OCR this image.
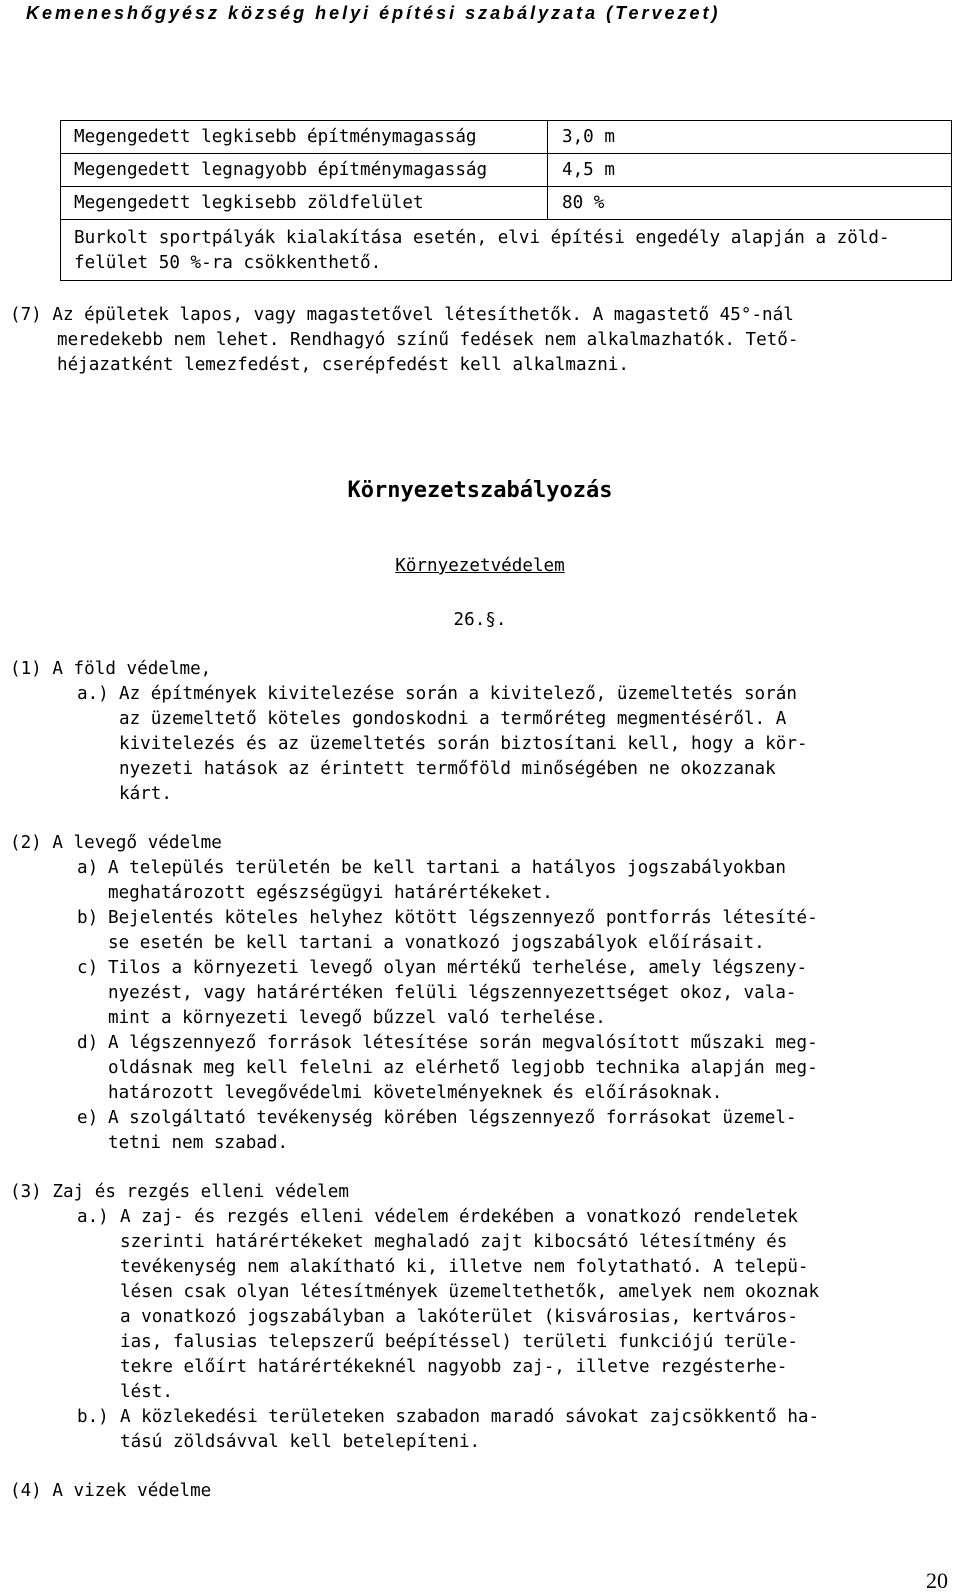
Kemeneshőgyész község helyi építési szabályzata (Tervezet)
Megengedett legkisebb építménymagasság	3,0 m
Megengedett legnagyobb építménymagasság	4,5 m
Megengedett legkisebb zöldfelület	80 %
Burkolt sportpályák kialakítása esetén, elvi építési engedély alapján a zöld-
felület 50 %-ra csökkenthető.
(7) Az épületek lapos, vagy magastetővel létesíthetők. A magastető 45°-nál
meredekebb nem lehet. Rendhagyó színű fedések nem alkalmazhatók. Tető-
héjazatként lemezfedést, cserépfedést kell alkalmazni.
Környezetszabályozás
Környezetvédelem
26.§.
(1) A föld védelme,
a.) Az építmények kivitelezése során a kivitelező, üzemeltetés során
az üzemeltető köteles gondoskodni a termőréteg megmentéséről. A
kivitelezés és az üzemeltetés során biztosítani kell, hogy a kör-
nyezeti hatások az érintett termőföld minőségében ne okozzanak
kárt.
(2) A levegő védelme
a) A település területén be kell tartani a hatályos jogszabályokban
meghatározott egészségügyi határértékeket.
b) Bejelentés köteles helyhez kötött légszennyező pontforrás létesíté-
se esetén be kell tartani a vonatkozó jogszabályok előírásait.
c) Tilos a környezeti levegő olyan mértékű terhelése, amely légszeny-
nyezést, vagy határértéken felüli légszennyezettséget okoz, vala-
mint a környezeti levegő bűzzel való terhelése.
d) A légszennyező források létesítése során megvalósított műszaki meg-
oldásnak meg kell felelni az elérhető legjobb technika alapján meg-
határozott levegővédelmi követelményeknek és előírásoknak.
e) A szolgáltató tevékenység körében légszennyező forrásokat üzemel-
tetni nem szabad.
(3) Zaj és rezgés elleni védelem
a.) A zaj- és rezgés elleni védelem érdekében a vonatkozó rendeletek
szerinti határértékeket meghaladó zajt kibocsátó létesítmény és
tevékenység nem alakítható ki, illetve nem folytatható. A telepü-
lésen csak olyan létesítmények üzemeltethetők, amelyek nem okoznak
a vonatkozó jogszabályban a lakóterület (kisvárosias, kertváros-
ias, falusias telepszerű beépítéssel) területi funkciójú terüle-
tekre előírt határértékeknél nagyobb zaj-, illetve rezgésterhe-
lést.
b.) A közlekedési területeken szabadon maradó sávokat zajcsökkentő ha-
tású zöldsávval kell betelepíteni.
(4) A vizek védelme
20
